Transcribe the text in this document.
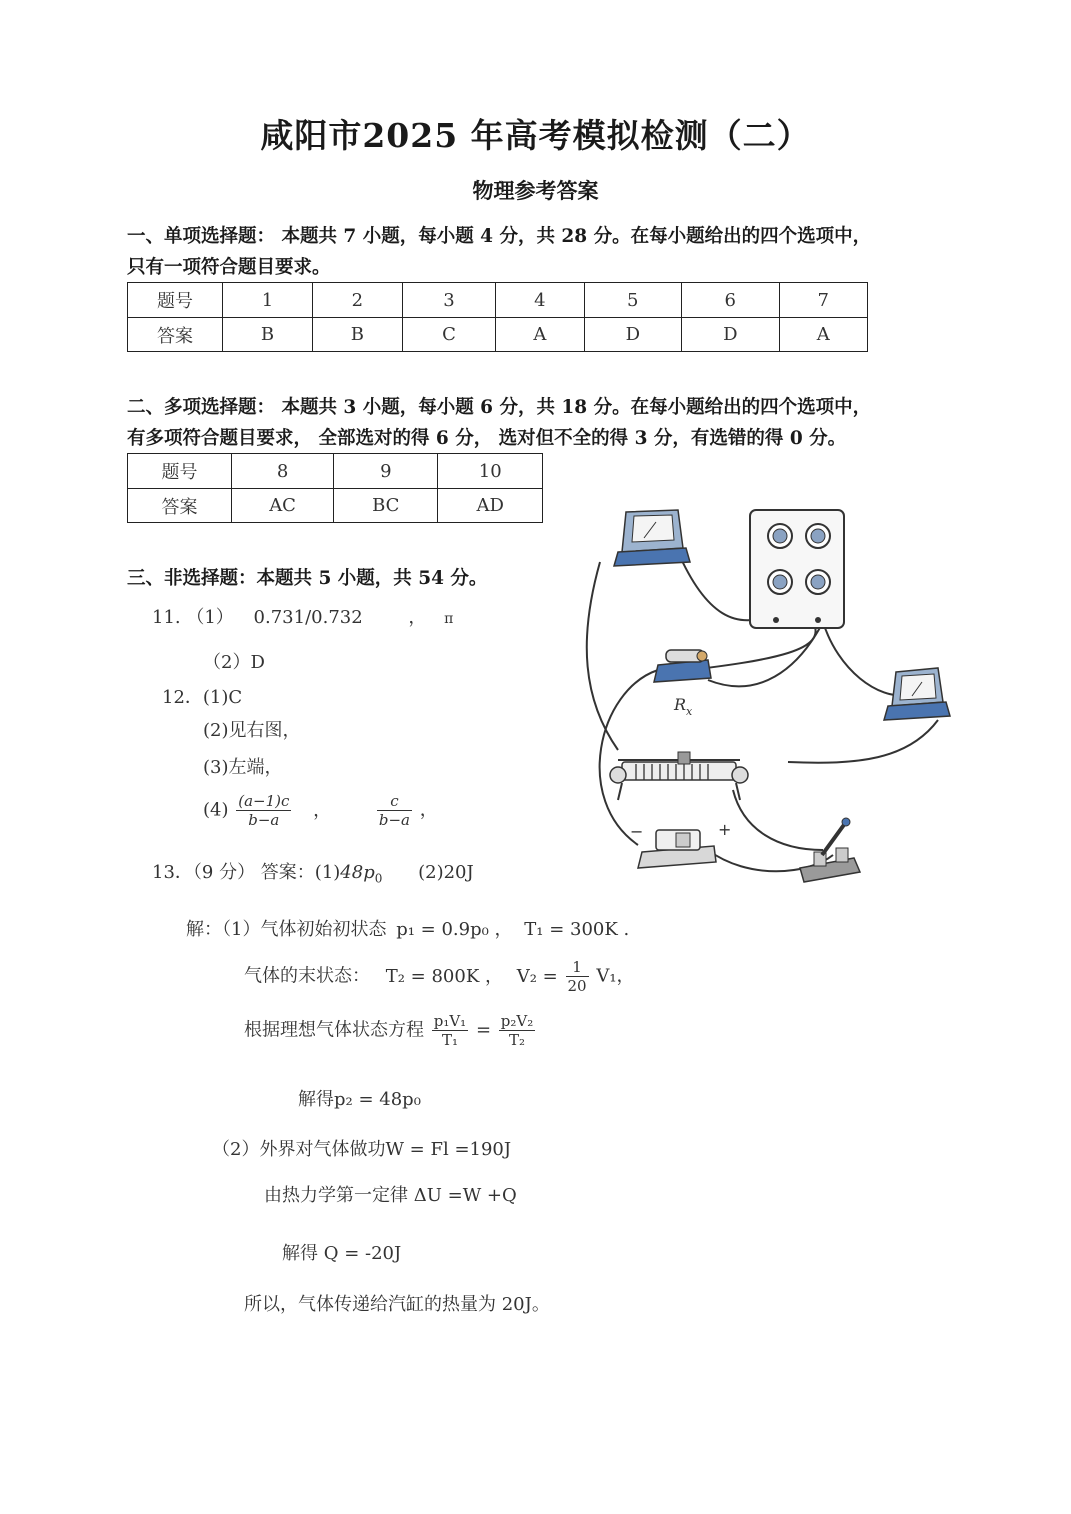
咸阳市2025 年高考模拟检测（二）
物理参考答案
一、单项选择题： 本题共 7 小题，每小题 4 分，共 28 分。在每小题给出的四个选项中，
只有一项符合题目要求。
题号	1	2	3	4	5	6	7
答案	B	B	C	A	D	D	A
二、多项选择题： 本题共 3 小题，每小题 6 分，共 18 分。在每小题给出的四个选项中，
有多项符合题目要求， 全部选对的得 6 分， 选对但不全的得 3 分，有选错的得 0 分。
题号	8	9	10
答案	AC	BC	AD
三、非选择题：本题共 5 小题，共 54 分。
11. （1） 0.731/0.732	， π
（2）D
12．(1)C
(2)见右图，
(3)左端，
$(4) \frac{(a-1)c}{b-a}$ ，	$\frac{c}{b-a}$ ，
13．（9 分） 答案：$(1)48p_0$ (2)20J
解：（1）气体初始初状态 p₁ = 0.9p₀ ， T₁ = 300K .
气体的末状态： T₂ = 800K ， $V_2 = \frac{1}{20} V_1$，
根据理想气体状态方程 $\frac{\text{p₁V₁}}{\text{T₁}} = \frac{\text{p₂V₂}}{\text{T₂}}$
解得p₂ = 48p₀
（2）外界对气体做功W = Fl =190J
由热力学第一定律 ΔU =W +Q
解得 Q = -20J
所以，气体传递给汽缸的热量为 20J。
$R_x$
−	+
